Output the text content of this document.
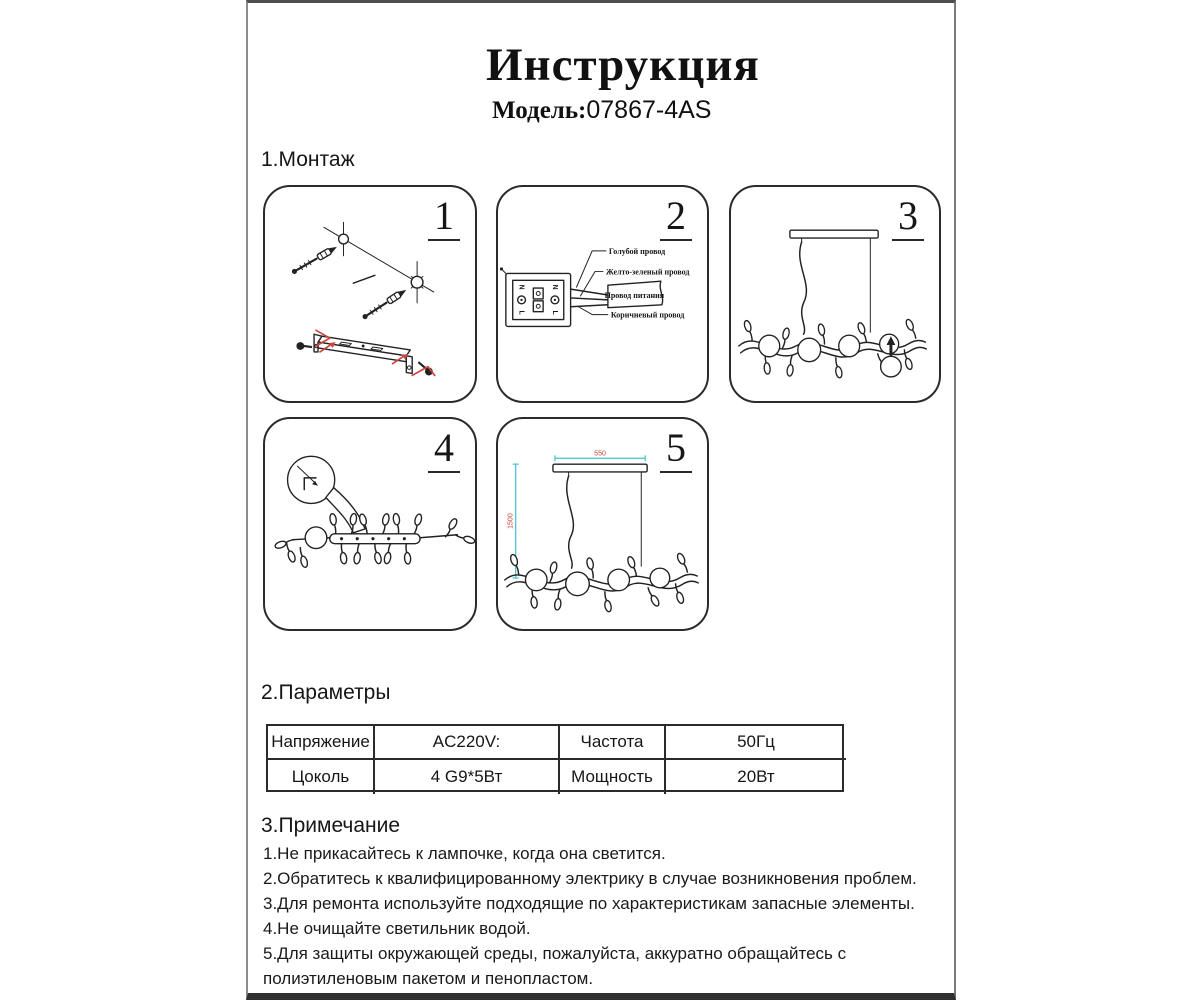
Инструкция
Модель:07867-4AS
1.Монтаж
1
N
L
N
L
Голубой провод
Желто-зеленый провод
Провод питания
Коричневый провод
2	3
4	550
1500
5
2.Параметры
Напряжение	AC220V:	Частота	50Гц
Цоколь	4 G9*5Вт	Мощность	20Вт
3.Примечание
1.Не прикасайтесь к лампочке, когда она светится.
2.Обратитесь к квалифицированному электрику в случае возникновения проблем.
3.Для ремонта используйте подходящие по характеристикам запасные элементы.
4.Не очищайте светильник водой.
5.Для защиты окружающей среды, пожалуйста, аккуратно обращайтесь с
полиэтиленовым пакетом и пенопластом.
